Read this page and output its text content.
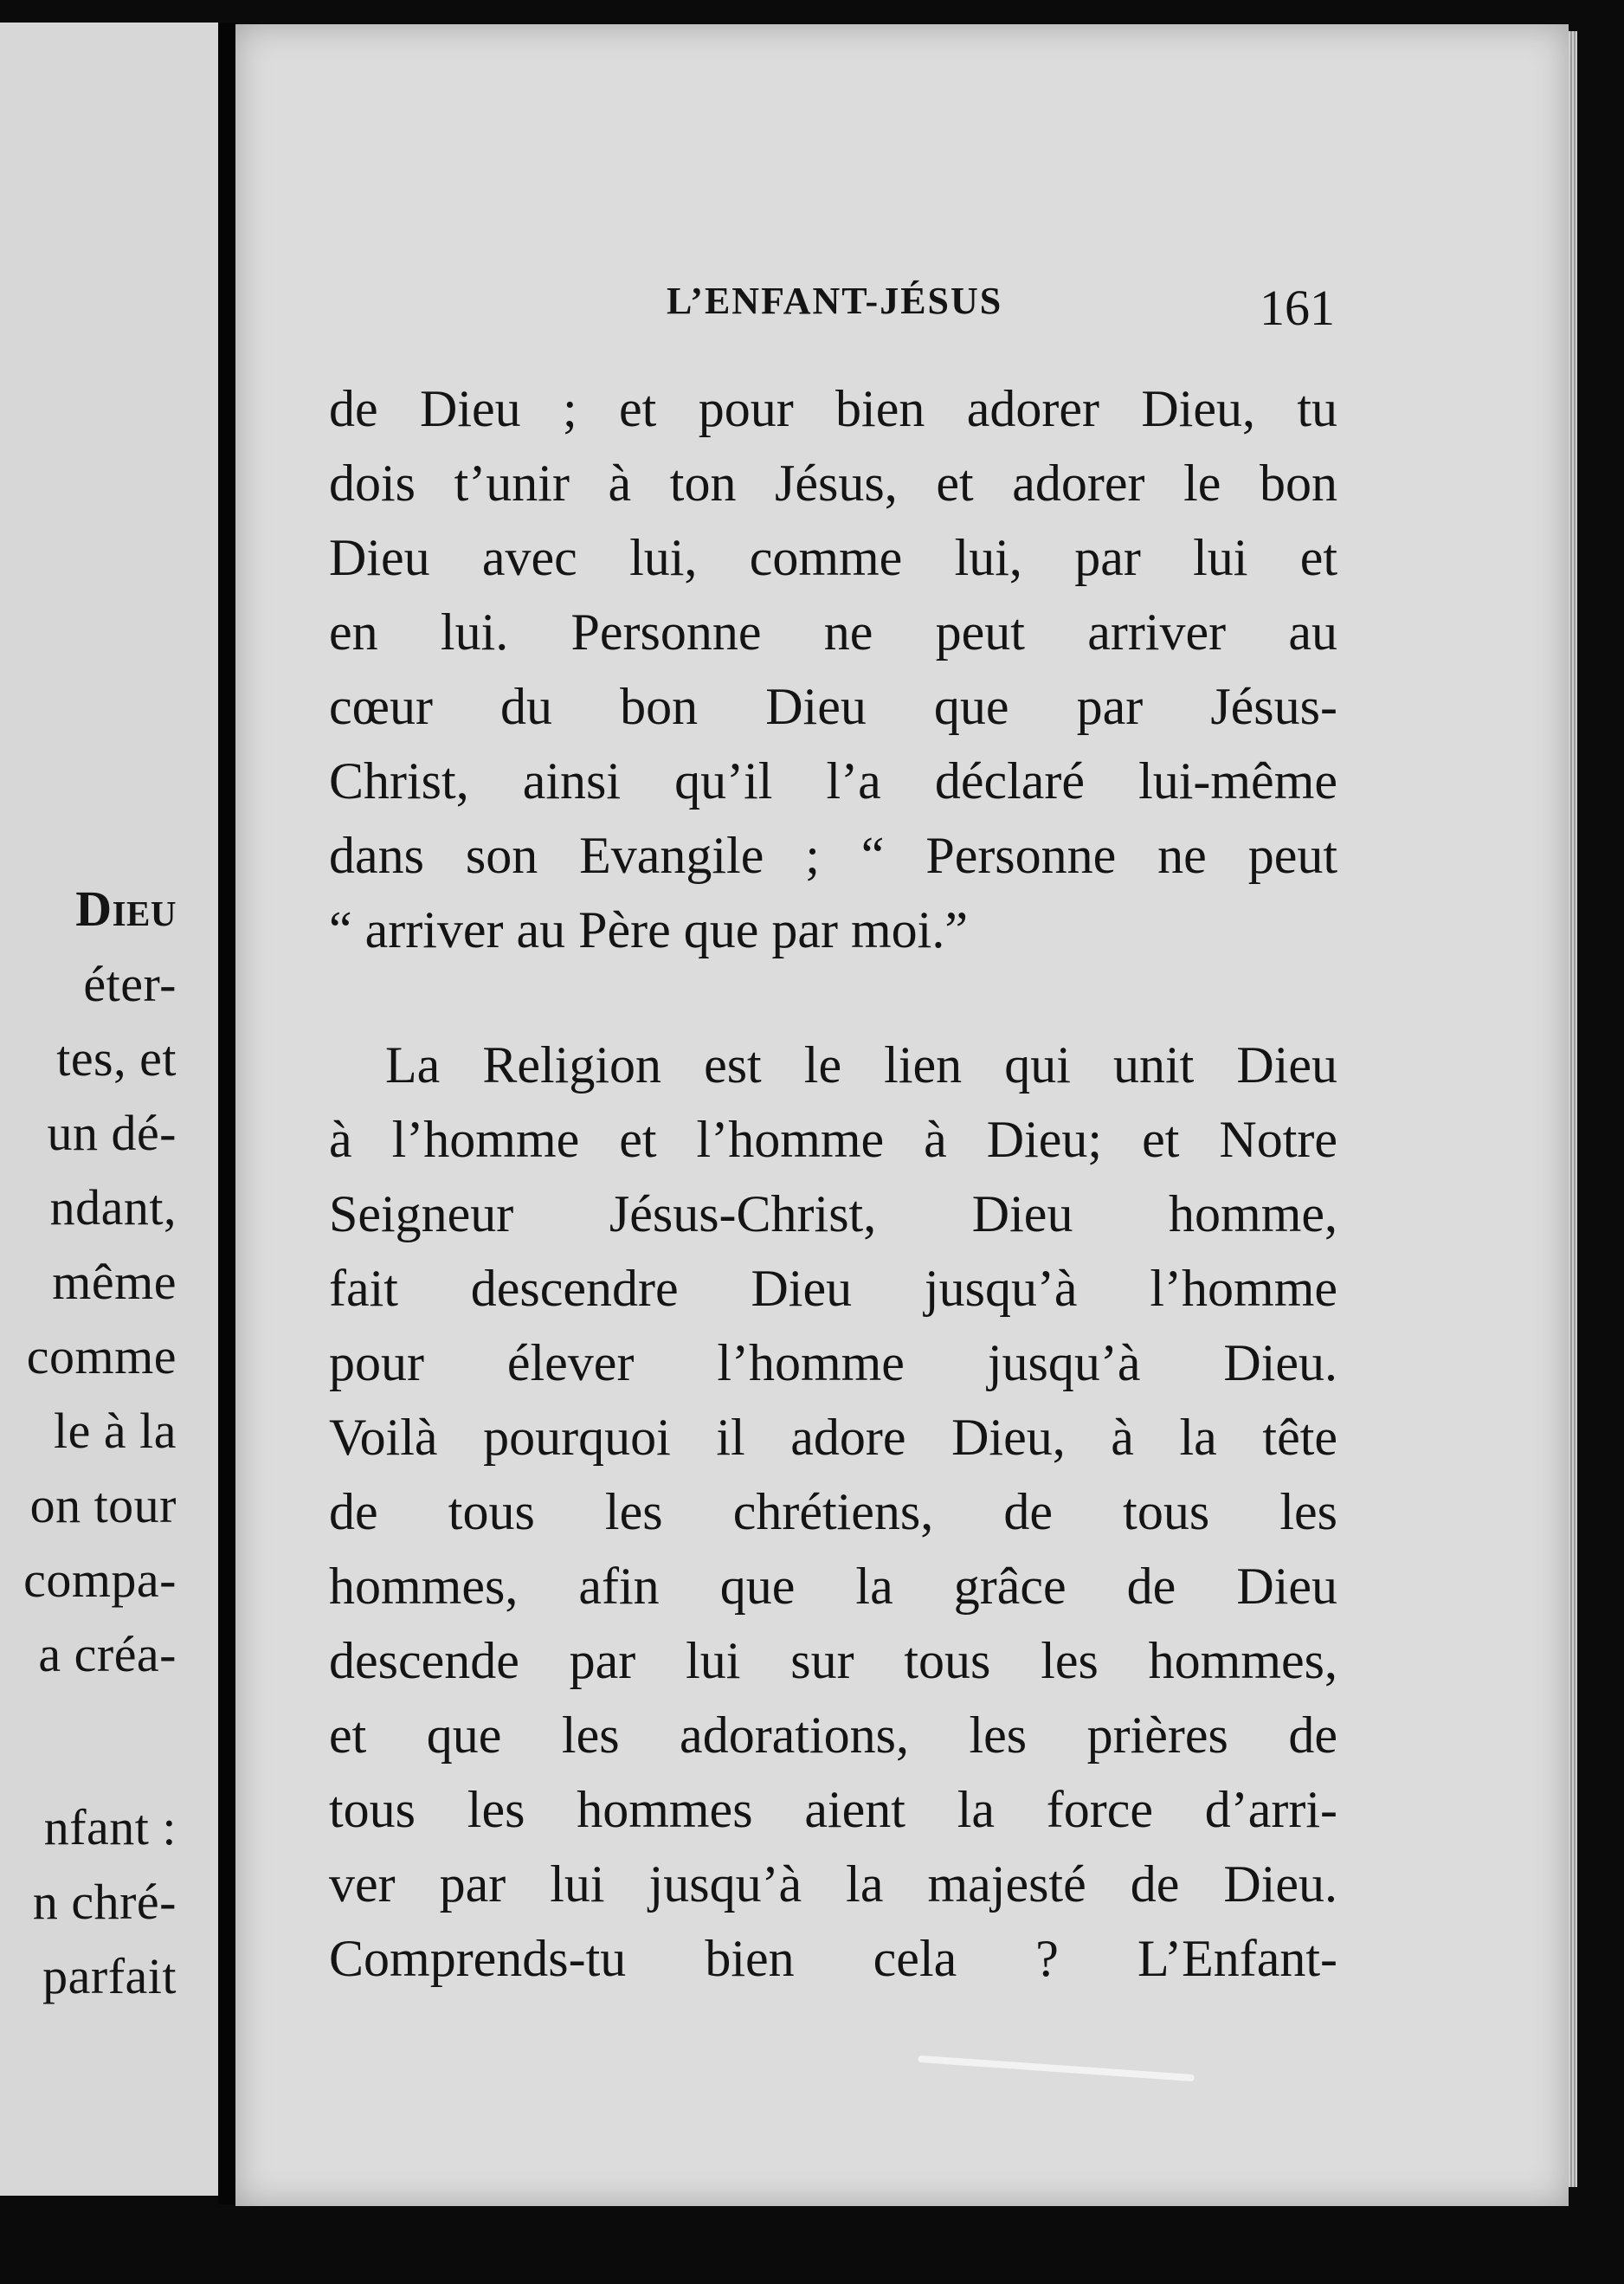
Dieu
éter-
tes, et
un dé-
ndant,
même
comme
le à la
on tour
compa-
a créa-
nfant :
n chré-
parfait
L’ENFANT-JÉSUS	161
de Dieu ; et pour bien adorer Dieu, tu
dois t’unir à ton Jésus, et adorer le bon
Dieu avec lui, comme lui, par lui et
en lui. Personne ne peut arriver au
cœur du bon Dieu que par Jésus-
Christ, ainsi qu’il l’a déclaré lui-même
dans son Evangile ; “ Personne ne peut
“ arriver au Père que par moi.”
La Religion est le lien qui unit Dieu
à l’homme et l’homme à Dieu; et Notre
Seigneur Jésus-Christ, Dieu homme,
fait descendre Dieu jusqu’à l’homme
pour élever l’homme jusqu’à Dieu.
Voilà pourquoi il adore Dieu, à la tête
de tous les chrétiens, de tous les
hommes, afin que la grâce de Dieu
descende par lui sur tous les hommes,
et que les adorations, les prières de
tous les hommes aient la force d’arri-
ver par lui jusqu’à la majesté de Dieu.
Comprends-tu bien cela ? L’Enfant-
